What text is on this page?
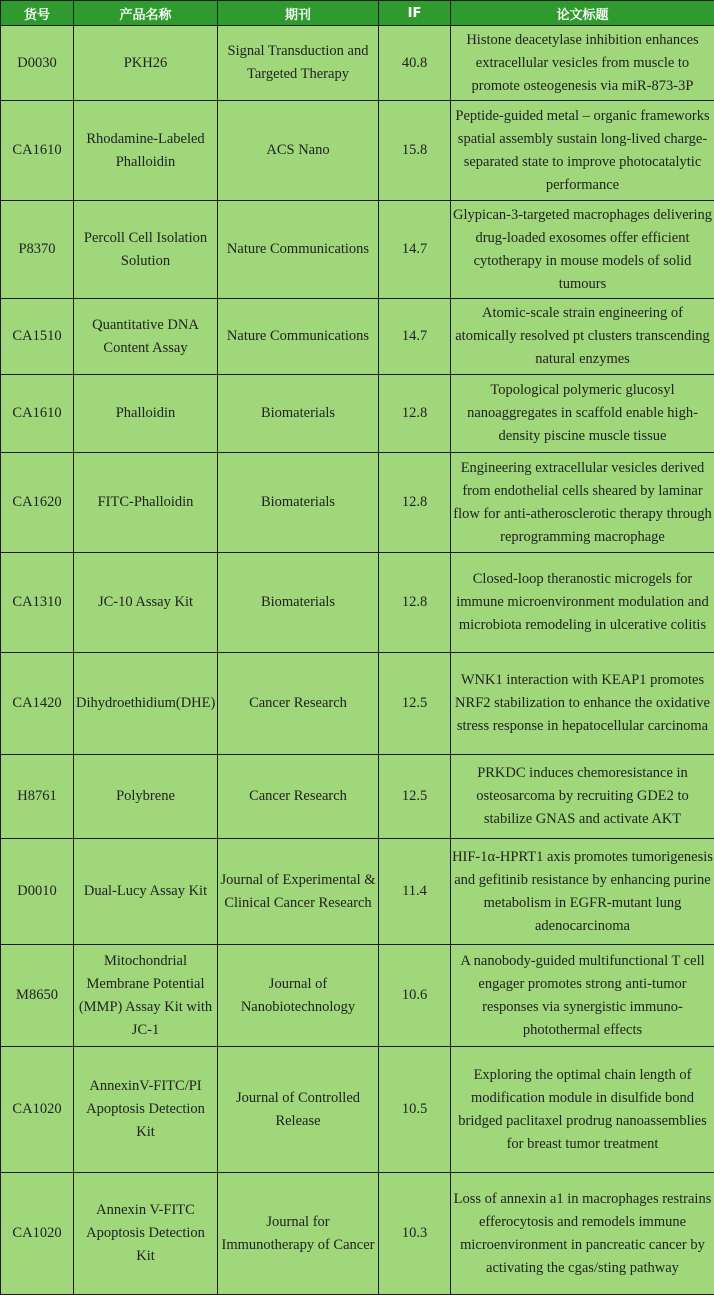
货号	产品名称	期刊	IF	论文标题
D0030	PKH26	Signal Transduction and Targeted Therapy	40.8	Histone deacetylase inhibition enhances extracellular vesicles from muscle to promote osteogenesis via miR-873-3P
CA1610	Rhodamine-Labeled Phalloidin	ACS Nano	15.8	Peptide-guided metal – organic frameworks spatial assembly sustain long-lived charge-separated state to improve photocatalytic performance
P8370	Percoll Cell Isolation Solution	Nature Communications	14.7	Glypican-3-targeted macrophages delivering drug-loaded exosomes offer efficient cytotherapy in mouse models of solid tumours
CA1510	Quantitative DNA Content Assay	Nature Communications	14.7	Atomic-scale strain engineering of atomically resolved pt clusters transcending natural enzymes
CA1610	Phalloidin	Biomaterials	12.8	Topological polymeric glucosyl nanoaggregates in scaffold enable high-density piscine muscle tissue
CA1620	FITC-Phalloidin	Biomaterials	12.8	Engineering extracellular vesicles derived from endothelial cells sheared by laminar flow for anti-atherosclerotic therapy through reprogramming macrophage
CA1310	JC-10 Assay Kit	Biomaterials	12.8	Closed-loop theranostic microgels for immune microenvironment modulation and microbiota remodeling in ulcerative colitis
CA1420	Dihydroethidium(DHE)	Cancer Research	12.5	WNK1 interaction with KEAP1 promotes NRF2 stabilization to enhance the oxidative stress response in hepatocellular carcinoma
H8761	Polybrene	Cancer Research	12.5	PRKDC induces chemoresistance in osteosarcoma by recruiting GDE2 to stabilize GNAS and activate AKT
D0010	Dual-Lucy Assay Kit	Journal of Experimental & Clinical Cancer Research	11.4	HIF-1α-HPRT1 axis promotes tumorigenesis and gefitinib resistance by enhancing purine metabolism in EGFR-mutant lung adenocarcinoma
M8650	Mitochondrial Membrane Potential (MMP) Assay Kit with JC-1	Journal of Nanobiotechnology	10.6	A nanobody-guided multifunctional T cell engager promotes strong anti-tumor responses via synergistic immuno-photothermal effects
CA1020	AnnexinV-FITC/PI Apoptosis Detection Kit	Journal of Controlled Release	10.5	Exploring the optimal chain length of modification module in disulfide bond bridged paclitaxel prodrug nanoassemblies for breast tumor treatment
CA1020	Annexin V-FITC Apoptosis Detection Kit	Journal for Immunotherapy of Cancer	10.3	Loss of annexin a1 in macrophages restrains efferocytosis and remodels immune microenvironment in pancreatic cancer by activating the cgas/sting pathway
